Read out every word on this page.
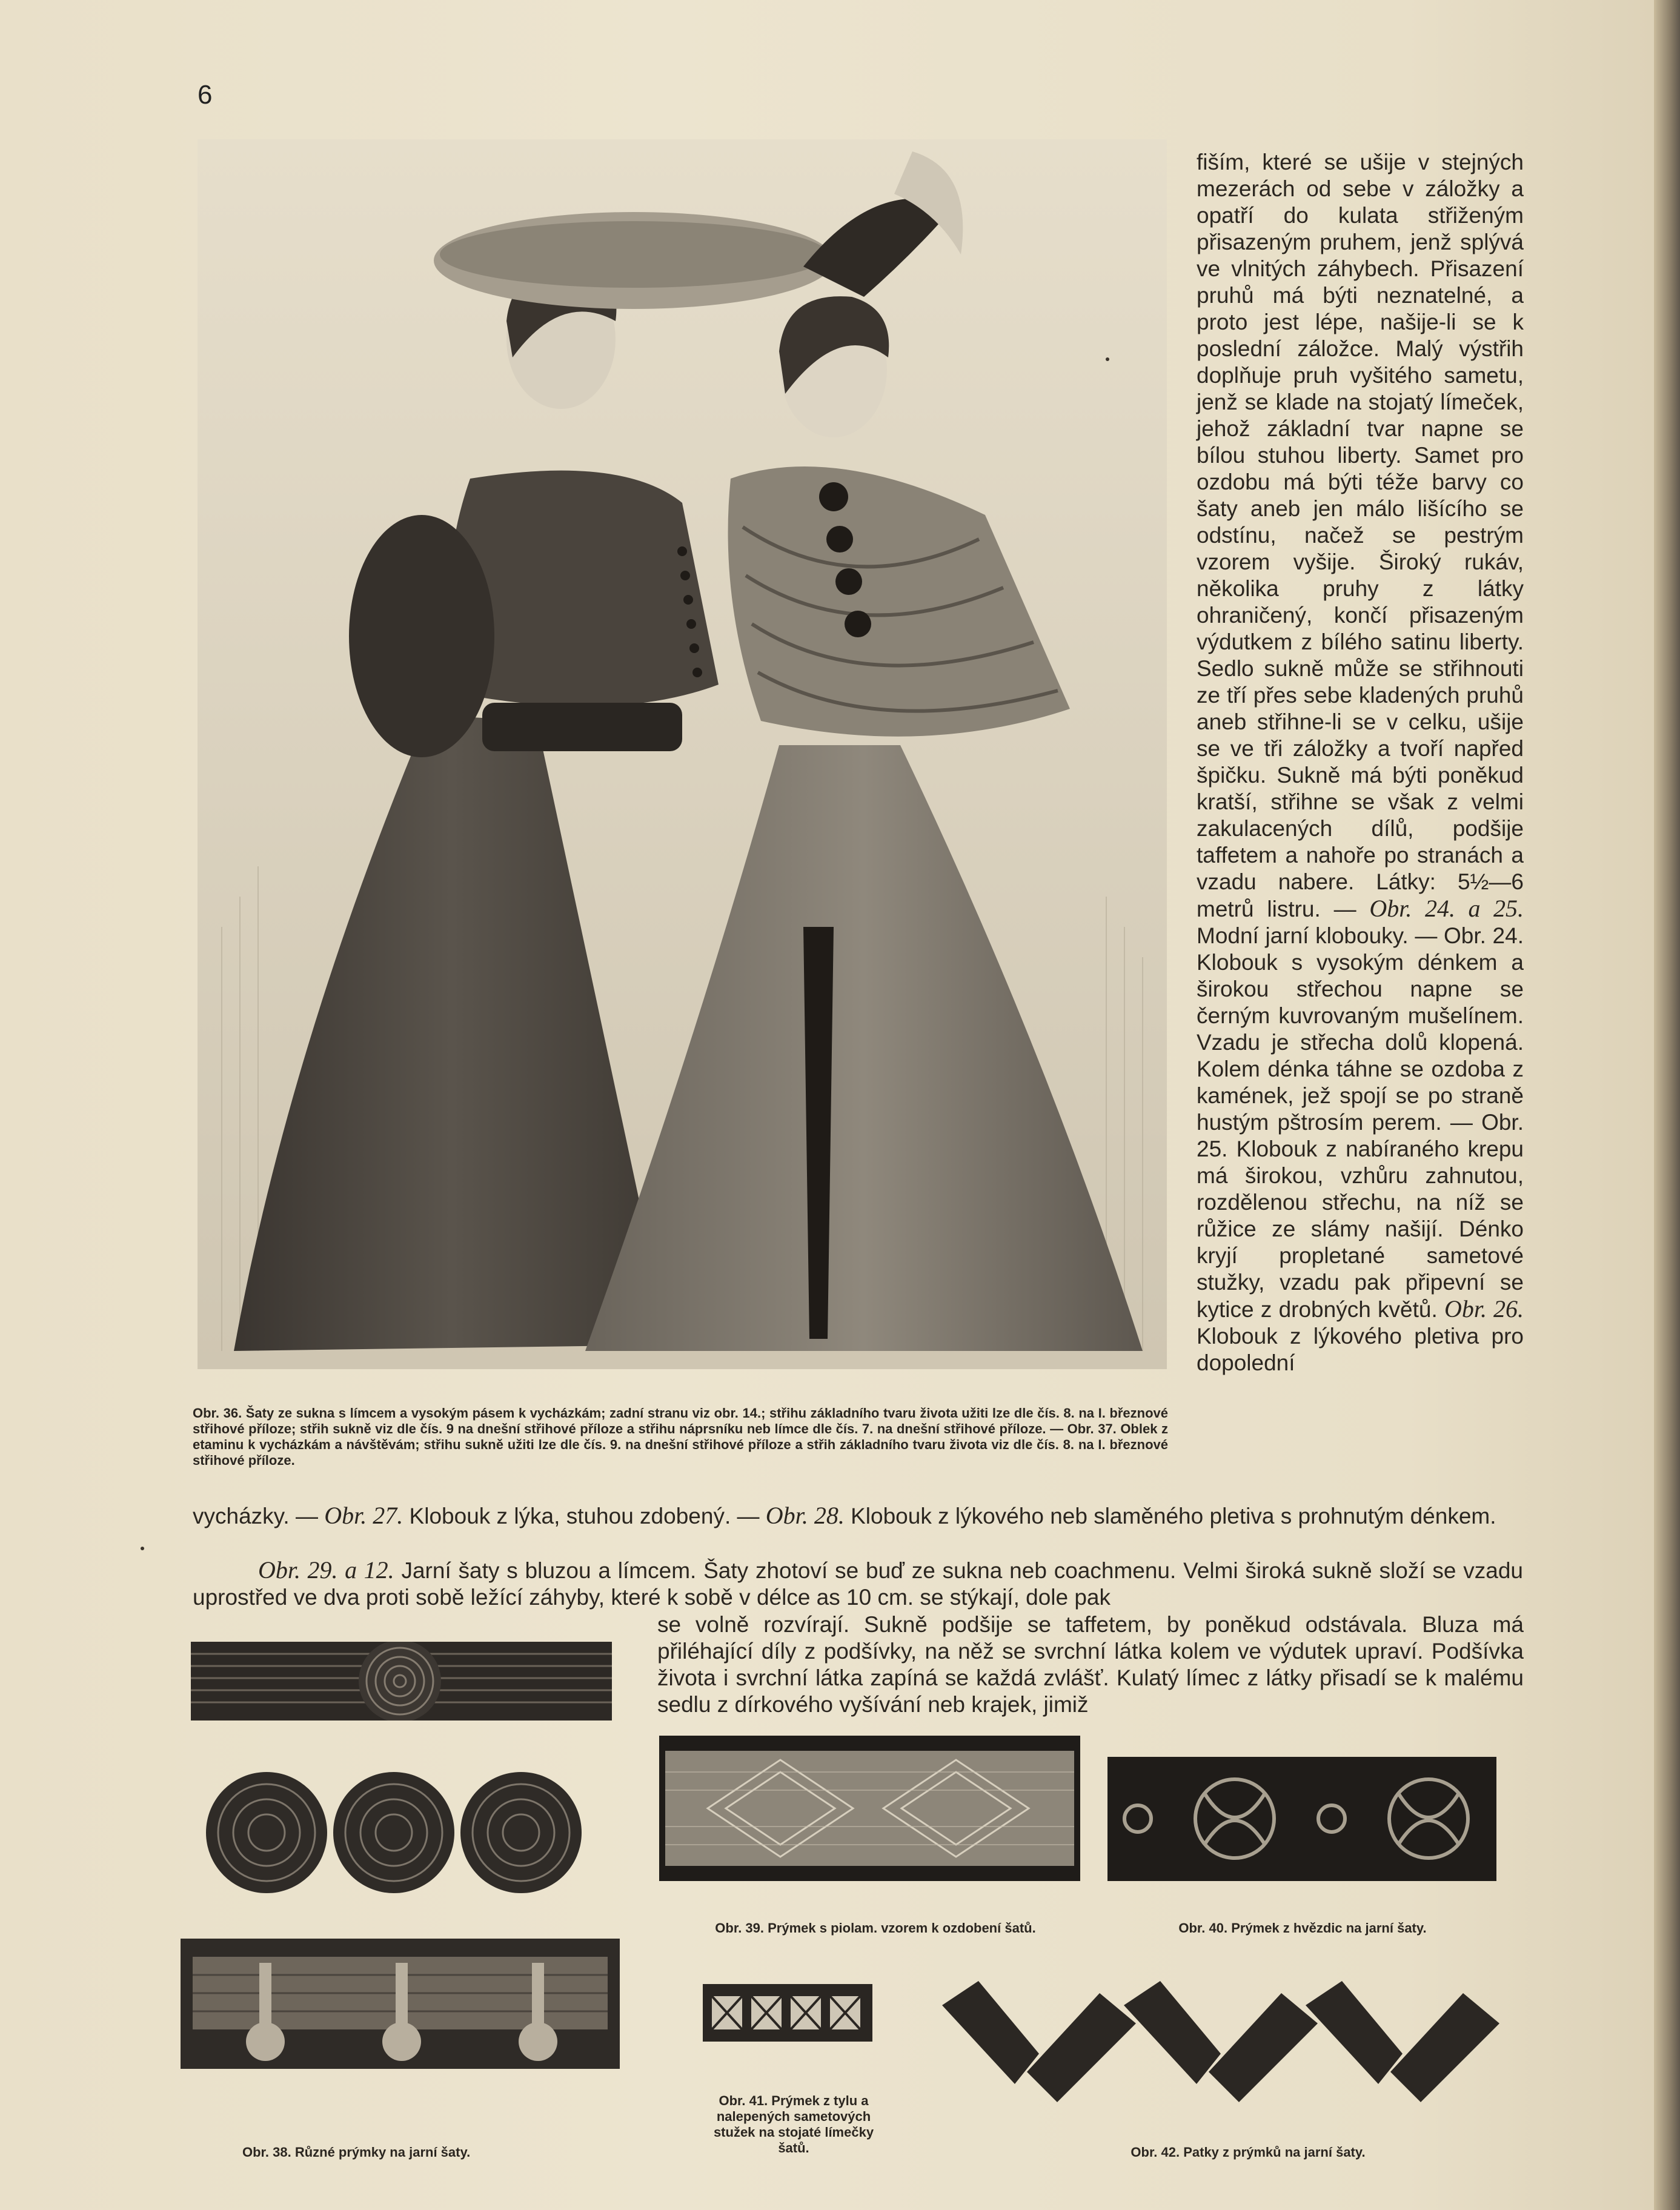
6

fiším, které se ušije v stejných mezerách od sebe v záložky a opatří do kulata střiženým přisazeným pruhem, jenž splývá ve vlnitých záhybech. Přisazení pruhů má býti neznatelné, a proto jest lépe, našije-li se k poslední záložce. Malý výstřih doplňuje pruh vyšitého sametu, jenž se klade na stojatý límeček, jehož základní tvar napne se bílou stuhou liberty. Samet pro ozdobu má býti téže barvy co šaty aneb jen málo lišícího se odstínu, načež se pestrým vzorem vyšije. Široký rukáv, několika pruhy z látky ohraničený, končí přisazeným výdutkem z bílého satinu liberty. Sedlo sukně může se střihnouti ze tří přes sebe kladených pruhů aneb střihne-li se v celku, ušije se ve tři záložky a tvoří napřed špičku. Sukně má býti poněkud kratší, střihne se však z velmi zakulacených dílů, podšije taffetem a nahoře po stranách a vzadu nabere. Látky: 5½—6 metrů listru. — Obr. 24. a 25. Modní jarní klobouky. — Obr. 24. Klobouk s vysokým dénkem a širokou střechou napne se černým kuvrovaným mušelínem. Vzadu je střecha dolů klopená. Kolem dénka táhne se ozdoba z kamének, jež spojí se po straně hustým pštrosím perem. — Obr. 25. Klobouk z nabíraného krepu má širokou, vzhůru zahnutou, rozdělenou střechu, na níž se růžice ze slámy našijí. Dénko kryjí propletané sametové stužky, vzadu pak připevní se kytice z drobných květů. Obr. 26. Klobouk z lýkového pletiva pro dopolední

Obr. 36. Šaty ze sukna s límcem a vysokým pásem k vycházkám; zadní stranu viz obr. 14.; střihu základního tvaru života užiti lze dle čís. 8. na I. březnové střihové příloze; střih sukně viz dle čís. 9 na dnešní střihové příloze a střihu náprsníku neb límce dle čís. 7. na dnešní střihové příloze. — Obr. 37. Oblek z etaminu k vycházkám a návštěvám; střihu sukně užiti lze dle čís. 9. na dnešní střihové příloze a střih základního tvaru života viz dle čís. 8. na I. březnové střihové příloze.

vycházky. — Obr. 27. Klobouk z lýka, stuhou zdobený. — Obr. 28. Klobouk z lýkového neb slaměného pletiva s prohnutým dénkem.

Obr. 29. a 12. Jarní šaty s bluzou a límcem. Šaty zhotoví se buď ze sukna neb coachmenu. Velmi široká sukně složí se vzadu uprostřed ve dva proti sobě ležící záhyby, které k sobě v délce as 10 cm. se stýkají, dole pak

se volně rozvírají. Sukně podšije se taffetem, by poněkud odstávala. Bluza má přiléhající díly z podšívky, na něž se svrchní látka kolem ve výdutek upraví. Podšívka života i svrchní látka zapíná se každá zvlášť. Kulatý límec z látky přisadí se k malému sedlu z dírkového vyšívání neb krajek, jimiž

Obr. 38. Různé prýmky na jarní šaty.

Obr. 39. Prýmek s piolam. vzorem k ozdobení šatů.	Obr. 40. Prýmek z hvězdic na jarní šaty.

Obr. 41. Prýmek z tylu a nalepených sametových stužek na stojaté límečky šatů.	Obr. 42. Patky z prýmků na jarní šaty.
